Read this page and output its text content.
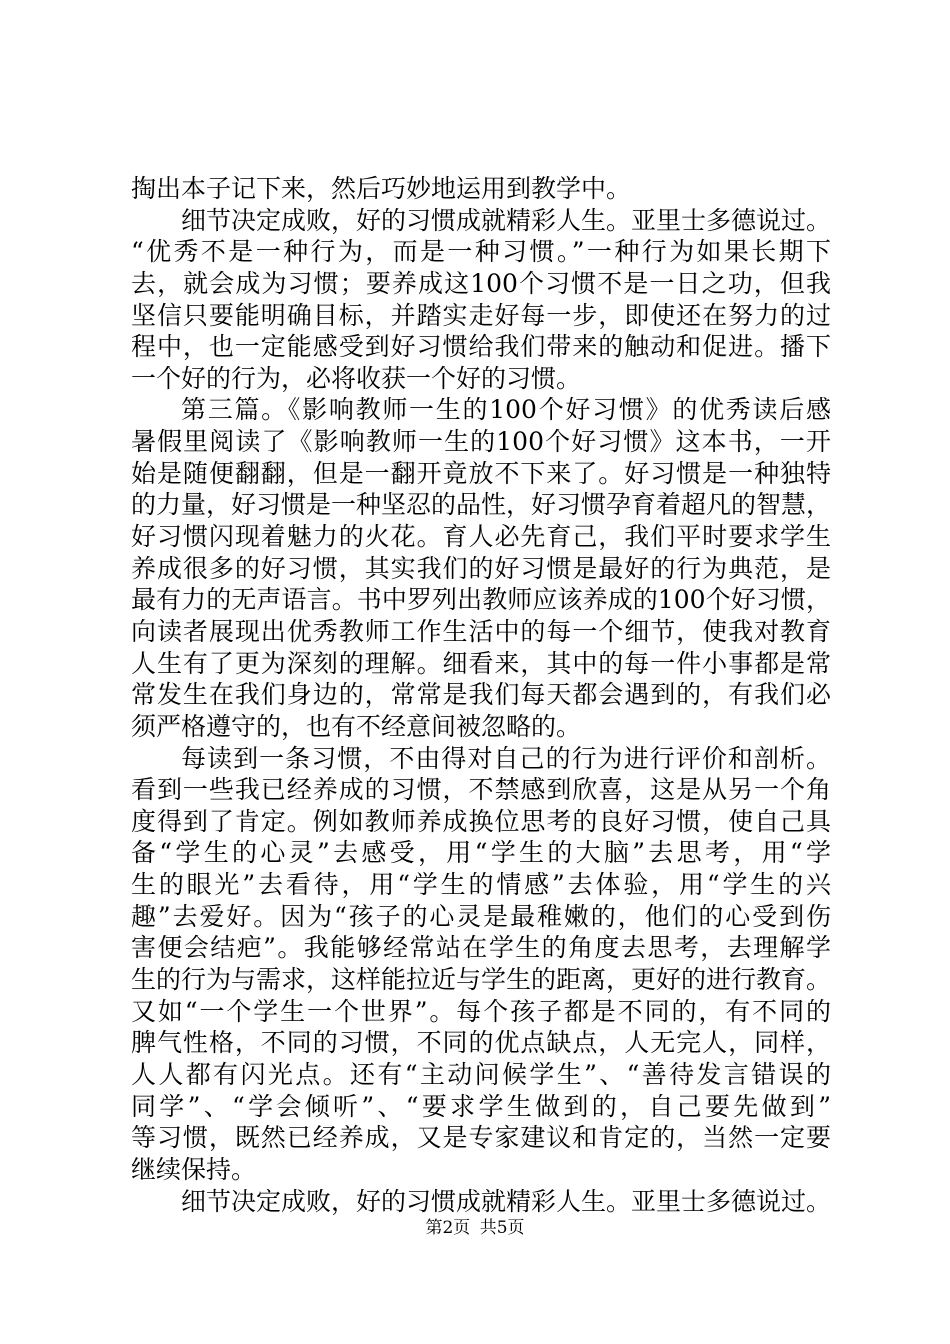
掏出本子记下来，然后巧妙地运用到教学中。
细节决定成败，好的习惯成就精彩人生。亚里士多德说过。
“优秀不是一种行为，而是一种习惯。”一种行为如果长期下
去，就会成为习惯；要养成这100个习惯不是一日之功，但我
坚信只要能明确目标，并踏实走好每一步，即使还在努力的过
程中，也一定能感受到好习惯给我们带来的触动和促进。播下
一个好的行为，必将收获一个好的习惯。
第三篇。《影响教师一生的100个好习惯》的优秀读后感
暑假里阅读了《影响教师一生的100个好习惯》这本书，一开
始是随便翻翻，但是一翻开竟放不下来了。好习惯是一种独特
的力量，好习惯是一种坚忍的品性，好习惯孕育着超凡的智慧，
好习惯闪现着魅力的火花。育人必先育己，我们平时要求学生
养成很多的好习惯，其实我们的好习惯是最好的行为典范，是
最有力的无声语言。书中罗列出教师应该养成的100个好习惯，
向读者展现出优秀教师工作生活中的每一个细节，使我对教育
人生有了更为深刻的理解。细看来，其中的每一件小事都是常
常发生在我们身边的，常常是我们每天都会遇到的，有我们必
须严格遵守的，也有不经意间被忽略的。
每读到一条习惯，不由得对自己的行为进行评价和剖析。
看到一些我已经养成的习惯，不禁感到欣喜，这是从另一个角
度得到了肯定。例如教师养成换位思考的良好习惯，使自己具
备“学生的心灵”去感受，用“学生的大脑”去思考，用“学
生的眼光”去看待，用“学生的情感”去体验，用“学生的兴
趣”去爱好。因为“孩子的心灵是最稚嫩的，他们的心受到伤
害便会结疤”。我能够经常站在学生的角度去思考，去理解学
生的行为与需求，这样能拉近与学生的距离，更好的进行教育。
又如“一个学生一个世界”。每个孩子都是不同的，有不同的
脾气性格，不同的习惯，不同的优点缺点，人无完人，同样，
人人都有闪光点。还有“主动问候学生”、“善待发言错误的
同学”、“学会倾听”、“要求学生做到的，自己要先做到”
等习惯，既然已经养成，又是专家建议和肯定的，当然一定要
继续保持。
细节决定成败，好的习惯成就精彩人生。亚里士多德说过。
第2页 共5页
